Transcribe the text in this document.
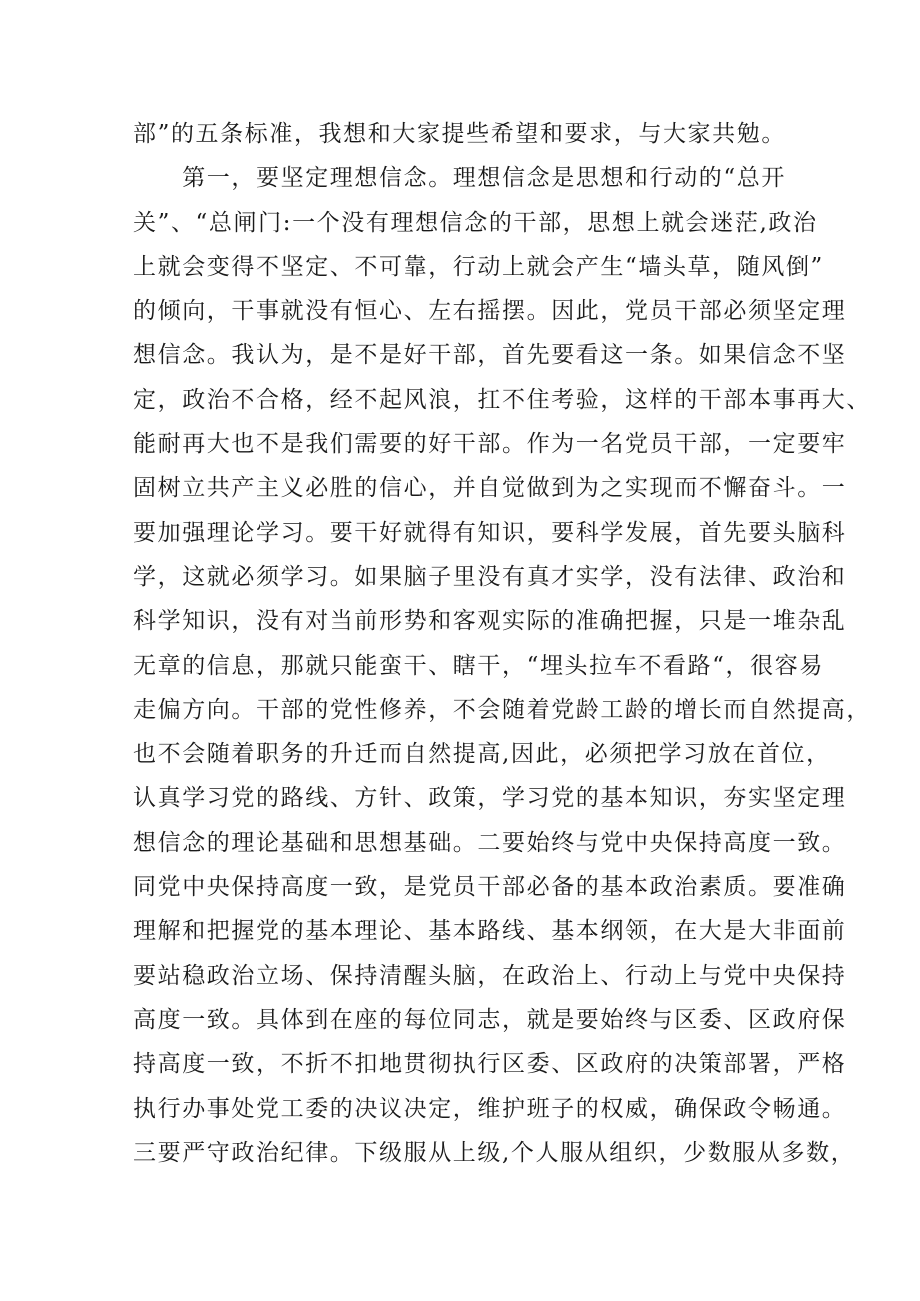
部”的五条标准，我想和大家提些希望和要求，与大家共勉。
　　第一，要坚定理想信念。理想信念是思想和行动的“总开
关”、“总闸门:一个没有理想信念的干部，思想上就会迷茫,政治
上就会变得不坚定、不可靠，行动上就会产生“墙头草，随风倒”
的倾向，干事就没有恒心、左右摇摆。因此，党员干部必须坚定理
想信念。我认为，是不是好干部，首先要看这一条。如果信念不坚
定，政治不合格，经不起风浪，扛不住考验，这样的干部本事再大、
能耐再大也不是我们需要的好干部。作为一名党员干部，一定要牢
固树立共产主义必胜的信心，并自觉做到为之实现而不懈奋斗。一
要加强理论学习。要干好就得有知识，要科学发展，首先要头脑科
学，这就必须学习。如果脑子里没有真才实学，没有法律、政治和
科学知识，没有对当前形势和客观实际的准确把握，只是一堆杂乱
无章的信息，那就只能蛮干、瞎干，“埋头拉车不看路“，很容易
走偏方向。干部的党性修养，不会随着党龄工龄的增长而自然提高，
也不会随着职务的升迁而自然提高,因此，必须把学习放在首位，
认真学习党的路线、方针、政策，学习党的基本知识，夯实坚定理
想信念的理论基础和思想基础。二要始终与党中央保持高度一致。
同党中央保持高度一致，是党员干部必备的基本政治素质。要准确
理解和把握党的基本理论、基本路线、基本纲领，在大是大非面前
要站稳政治立场、保持清醒头脑，在政治上、行动上与党中央保持
高度一致。具体到在座的每位同志，就是要始终与区委、区政府保
持高度一致，不折不扣地贯彻执行区委、区政府的决策部署，严格
执行办事处党工委的决议决定，维护班子的权威，确保政令畅通。
三要严守政治纪律。下级服从上级,个人服从组织，少数服从多数，
